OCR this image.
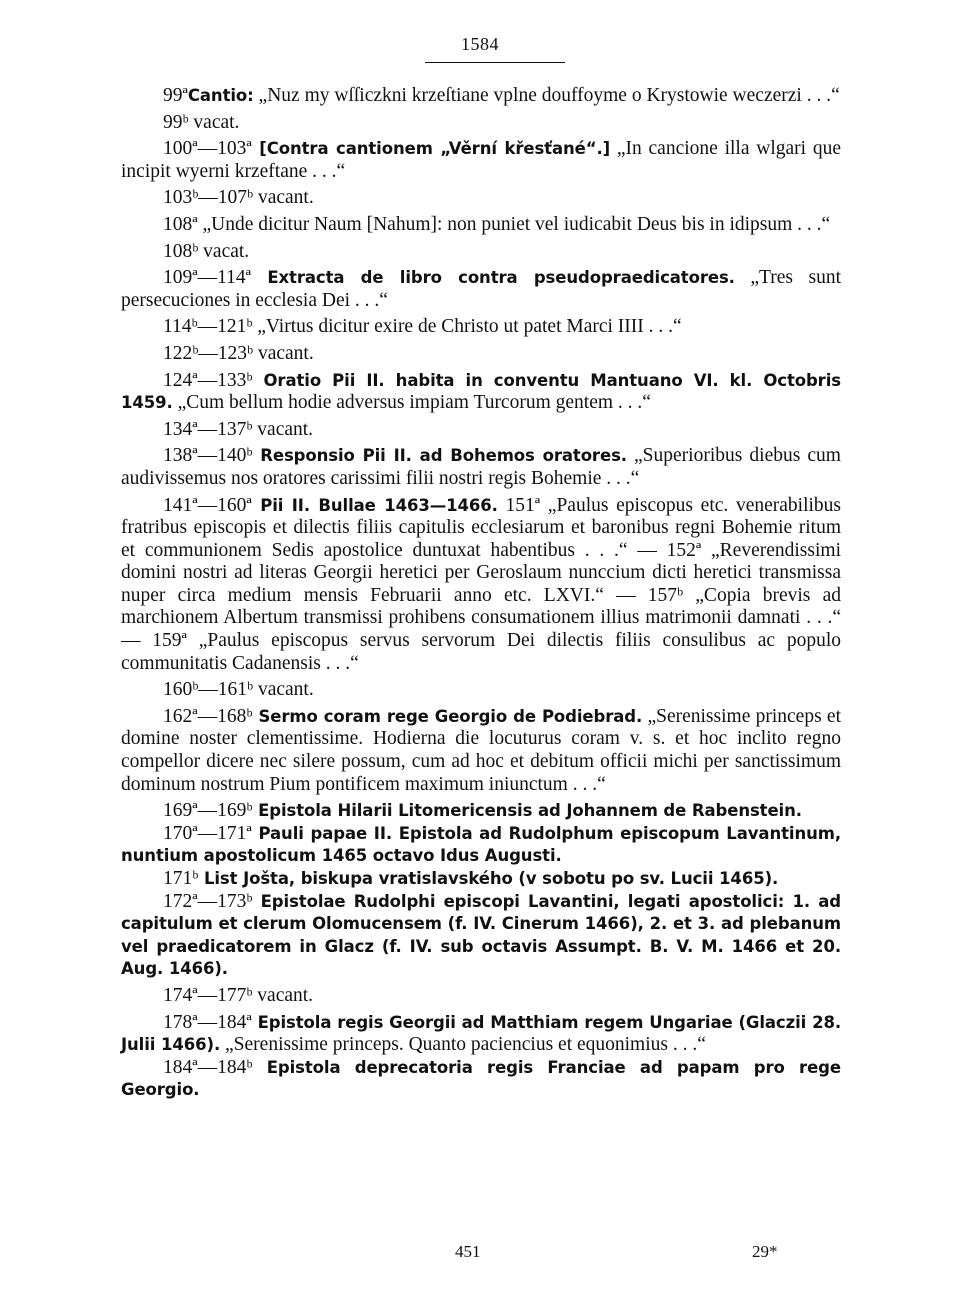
1584

99ªCantio: „Nuz my wſſiczkni krzeſtiane vplne douffoyme o Krystowie weczerzi . . .“

99ᵇ vacat.

100ª—103ª [Contra cantionem „Věrní křesťané“.] „In cancione illa wlgari que incipit wyerni krzeftane . . .“

103ᵇ—107ᵇ vacant.

108ª „Unde dicitur Naum [Nahum]: non puniet vel iudicabit Deus bis in idipsum . . .“

108ᵇ vacat.

109ª—114ª Extracta de libro contra pseudopraedicatores. „Tres sunt persecuciones in ecclesia Dei . . .“

114ᵇ—121ᵇ „Virtus dicitur exire de Christo ut patet Marci IIII . . .“

122ᵇ—123ᵇ vacant.

124ª—133ᵇ Oratio Pii II. habita in conventu Mantuano VI. kl. Octobris 1459. „Cum bellum hodie adversus impiam Turcorum gentem . . .“

134ª—137ᵇ vacant.

138ª—140ᵇ Responsio Pii II. ad Bohemos oratores. „Superioribus diebus cum audivissemus nos oratores carissimi filii nostri regis Bohemie . . .“

141ª—160ª Pii II. Bullae 1463—1466. 151ª „Paulus episcopus etc. venerabilibus fratribus episcopis et dilectis filiis capitulis ecclesiarum et baronibus regni Bohemie ritum et communionem Sedis apostolice duntuxat habentibus . . .“ — 152ª „Reverendissimi domini nostri ad literas Georgii heretici per Geroslaum nunccium dicti heretici transmissa nuper circa medium mensis Februarii anno etc. LXVI.“ — 157ᵇ „Copia brevis ad marchionem Albertum transmissi prohibens consumationem illius matrimonii damnati . . .“ — 159ª „Paulus episcopus servus servorum Dei dilectis filiis consulibus ac populo communitatis Cadanensis . . .“

160ᵇ—161ᵇ vacant.

162ª—168ᵇ Sermo coram rege Georgio de Podiebrad. „Serenissime princeps et domine noster clementissime. Hodierna die locuturus coram v. s. et hoc inclito regno compellor dicere nec silere possum, cum ad hoc et debitum officii michi per sanctissimum dominum nostrum Pium pontificem maximum iniunctum . . .“

169ª—169ᵇ Epistola Hilarii Litomericensis ad Johannem de Rabenstein.

170ª—171ª Pauli papae II. Epistola ad Rudolphum episcopum Lavantinum, nuntium apostolicum 1465 octavo Idus Augusti.

171ᵇ List Jošta, biskupa vratislavského (v sobotu po sv. Lucii 1465).

172ª—173ᵇ Epistolae Rudolphi episcopi Lavantini, legati apostolici: 1. ad capitulum et clerum Olomucensem (f. IV. Cinerum 1466), 2. et 3. ad plebanum vel praedicatorem in Glacz (f. IV. sub octavis Assumpt. B. V. M. 1466 et 20. Aug. 1466).

174ª—177ᵇ vacant.

178ª—184ª Epistola regis Georgii ad Matthiam regem Ungariae (Glaczii 28. Julii 1466). „Serenissime princeps. Quanto paciencius et equonimius . . .“

184ª—184ᵇ Epistola deprecatoria regis Franciae ad papam pro rege Georgio.

451	29*
